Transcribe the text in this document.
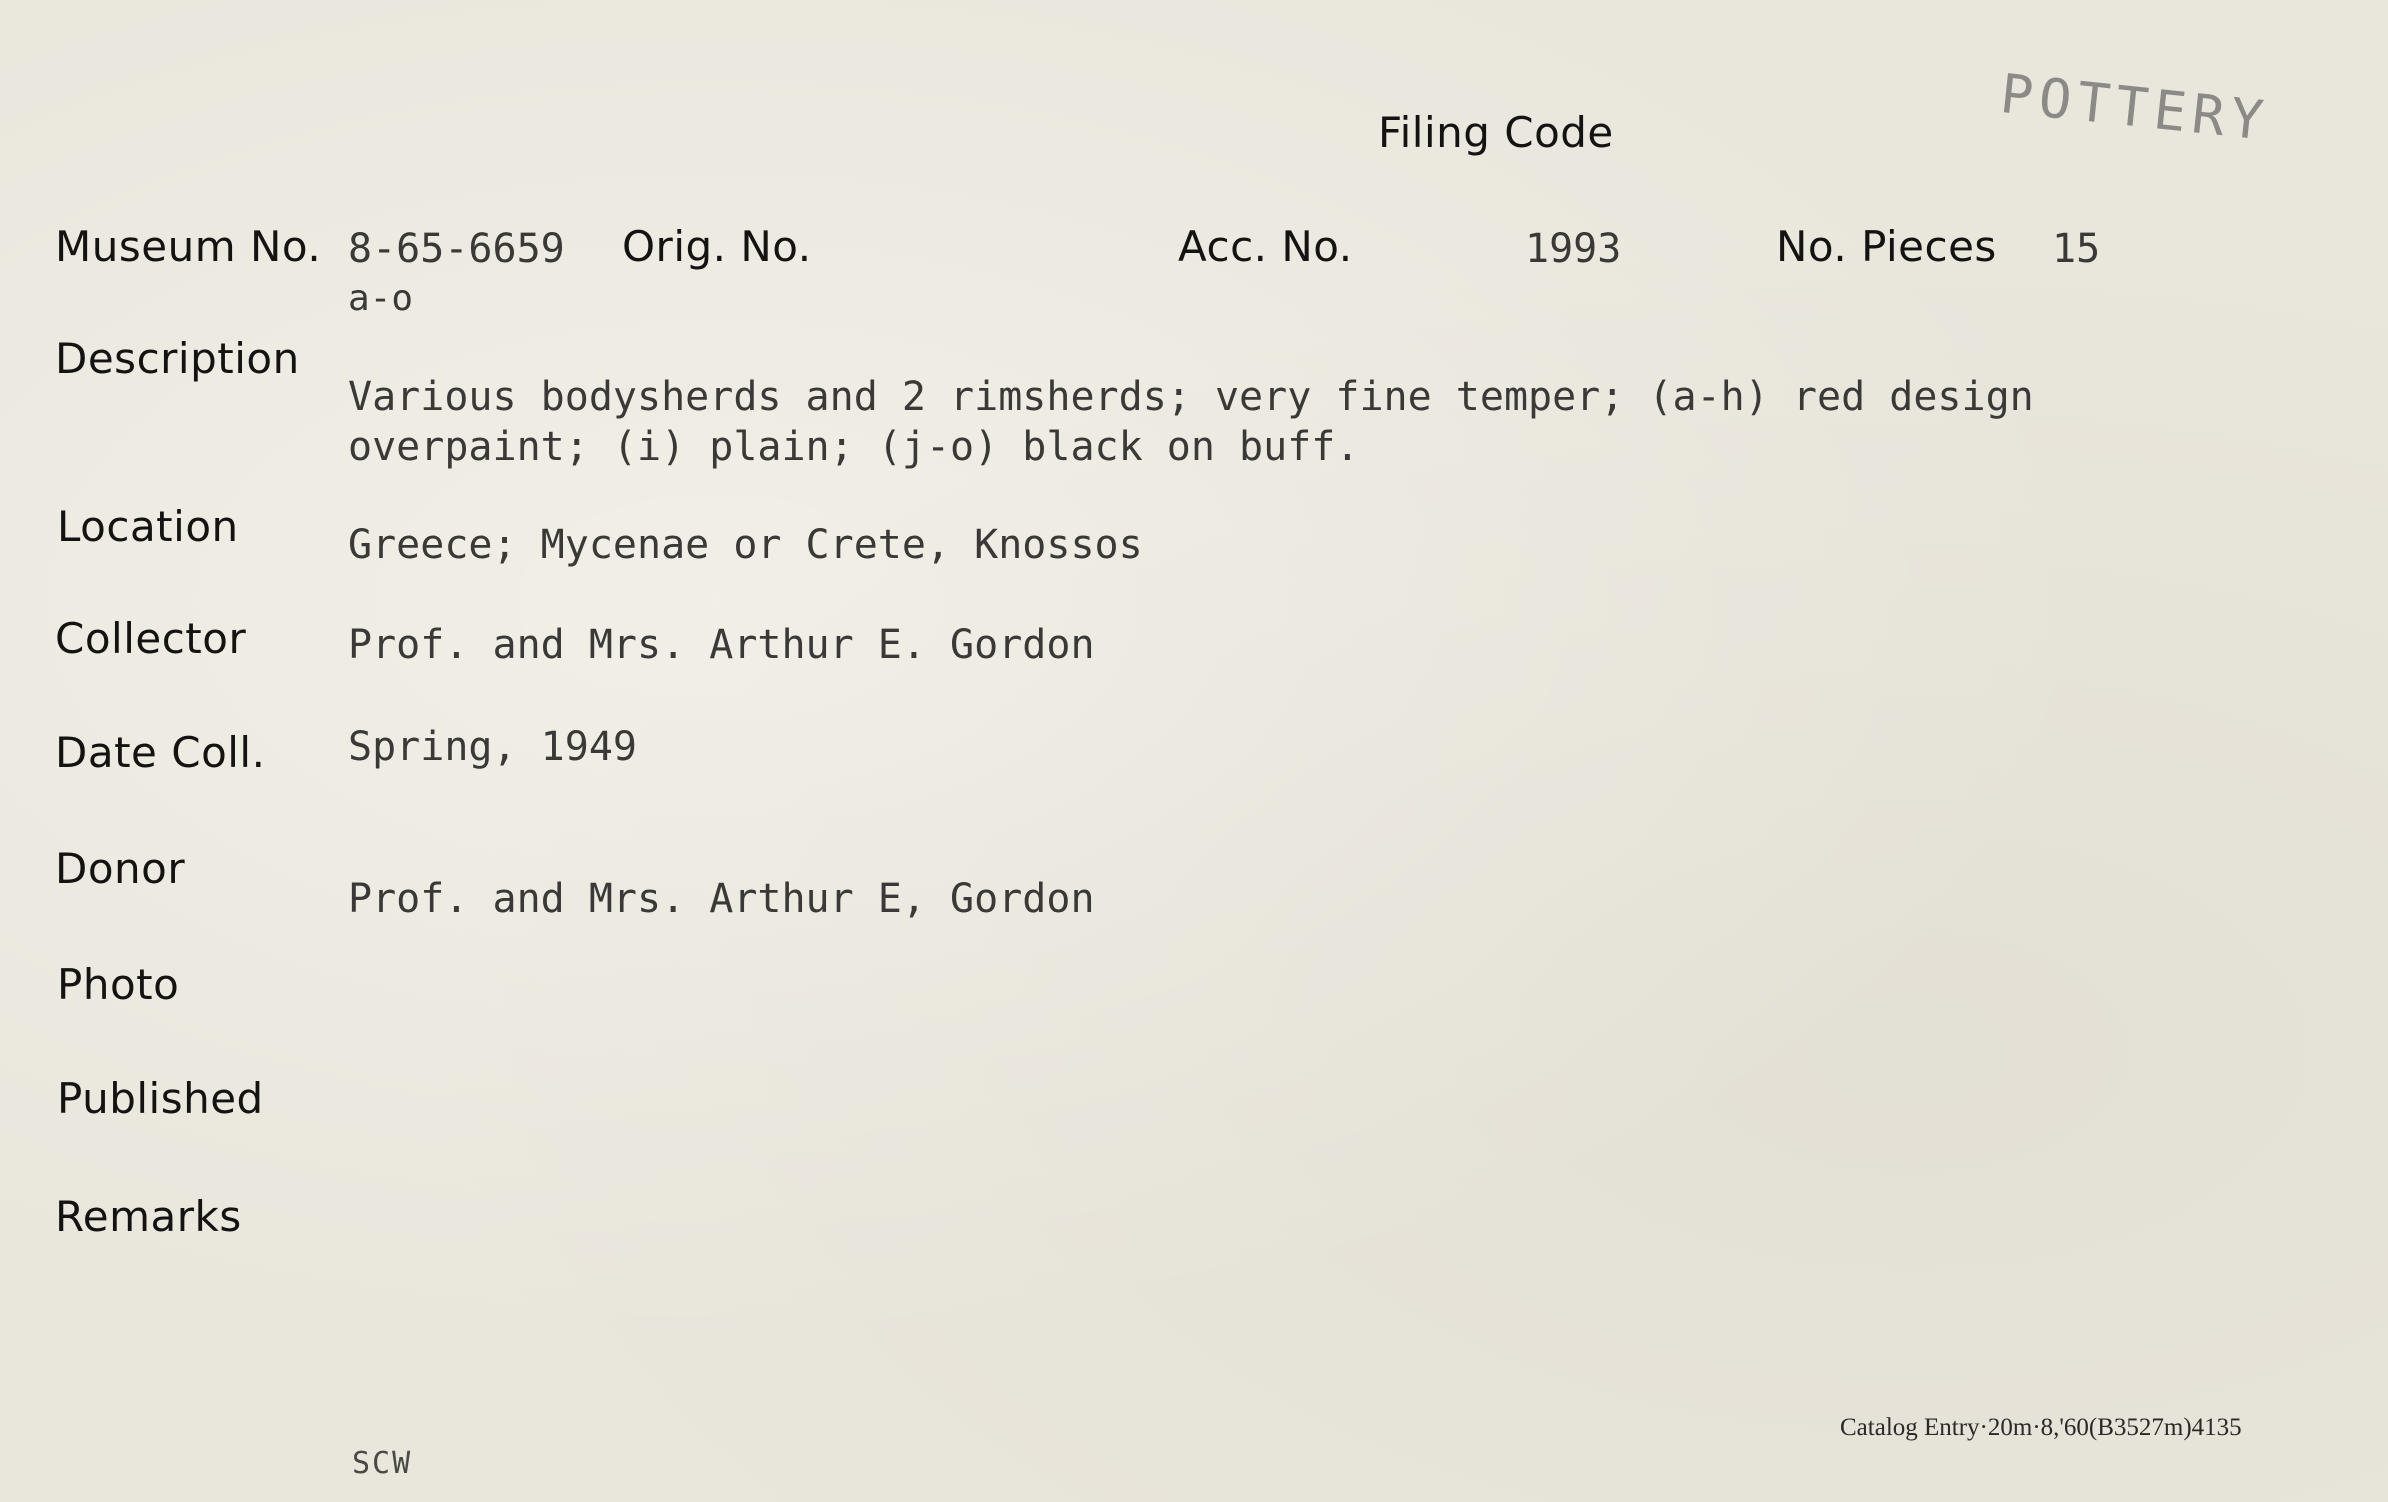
POTTERY
Filing Code
Museum No. 8-65-6659
a-o
Orig. No.	Acc. No.	1993	No. Pieces 15
Description
Various bodysherds and 2 rimsherds; very fine temper; (a-h) red design
overpaint; (i) plain; (j-o) black on buff.
Location	Greece; Mycenae or Crete, Knossos
Collector	Prof. and Mrs. Arthur E. Gordon
Date Coll. Spring, 1949
Donor
Prof. and Mrs. Arthur E, Gordon
Photo
Published
Remarks
SCW
Catalog Entry·20m·8,'60(B3527m)4135
